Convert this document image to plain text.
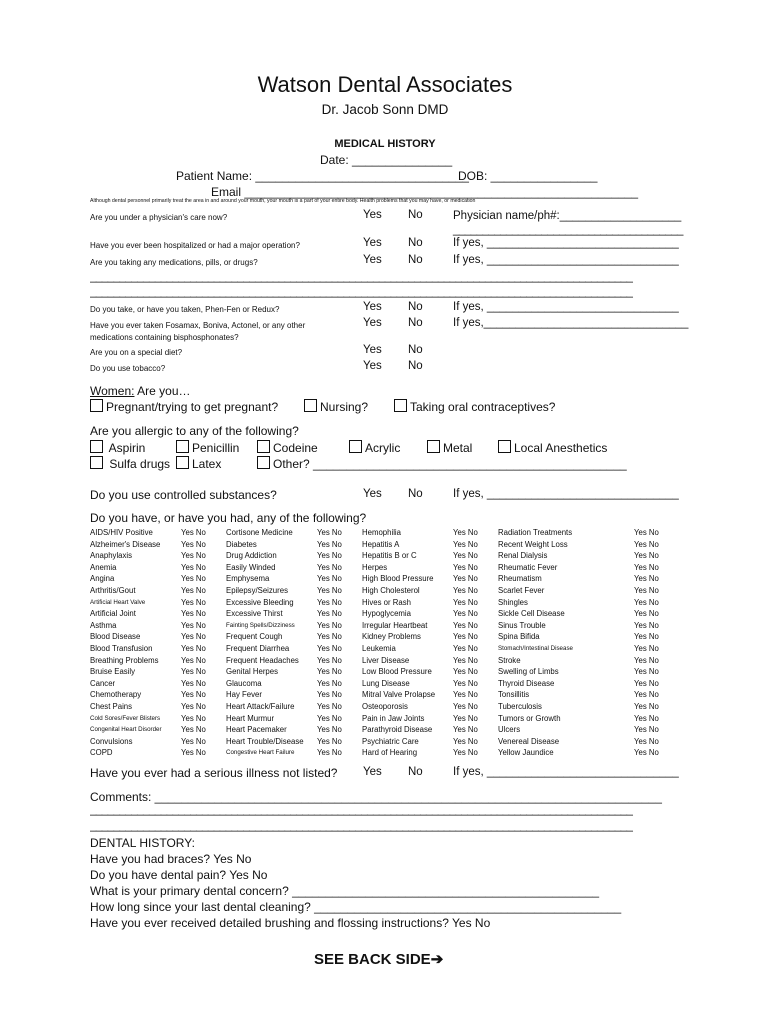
Watson Dental Associates
Dr. Jacob Sonn DMD
MEDICAL HISTORY
Date: _______________
Patient Name: ________________________________
DOB: ________________
Email ___________________________________________________________
Although dental personnel primarily treat the area in and around your mouth, your mouth is a part of your entire body. Health problems that you may have, or medication
Are you under a physician's care now?	Yes No	Physician name/ph#:___________________
_______________________________________
Have you ever been hospitalized or had a major operation?	Yes No	If yes, ______________________________
Are you taking any medications, pills, or drugs?	Yes No	If yes, ______________________________
____________________________________________________________________________________________
____________________________________________________________________________________________
Do you take, or have you taken, Phen-Fen or Redux?	Yes No	If yes, ______________________________
Have you ever taken Fosamax, Boniva, Actonel, or any other
medications containing bisphosphonates?
Yes No	If yes,________________________________
Are you on a special diet?	Yes No
Do you use tobacco?	Yes No
Women: Are you…
Pregnant/trying to get pregnant?	Nursing?	Taking oral contraceptives?
Are you allergic to any of the following?
Aspirin	Penicillin	Codeine	Acrylic	Metal	Local Anesthetics
Sulfa drugs	Latex	Other? _______________________________________________
Do you use controlled substances?	Yes No	If yes, ______________________________
Do you have, or have you had, any of the following?
AIDS/HIV Positive	Yes No
Alzheimer's Disease	Yes No
Anaphylaxis	Yes No
Anemia	Yes No
Angina	Yes No
Arthritis/Gout	Yes No
Artificial Heart Valve	Yes No
Artificial Joint	Yes No
Asthma	Yes No
Blood Disease	Yes No
Blood Transfusion	Yes No
Breathing Problems	Yes No
Bruise Easily	Yes No
Cancer	Yes No
Chemotherapy	Yes No
Chest Pains	Yes No
Cold Sores/Fever Blisters	Yes No
Congenital Heart Disorder Yes No
Convulsions	Yes No
COPD	Yes No
Cortisone Medicine	Yes No
Diabetes	Yes No
Drug Addiction	Yes No
Easily Winded	Yes No
Emphysema	Yes No
Epilepsy/Seizures	Yes No
Excessive Bleeding	Yes No
Excessive Thirst	Yes No
Fainting Spells/Dizziness	Yes No
Frequent Cough	Yes No
Frequent Diarrhea	Yes No
Frequent Headaches Yes No
Genital Herpes	Yes No
Glaucoma	Yes No
Hay Fever	Yes No
Heart Attack/Failure	Yes No
Heart Murmur	Yes No
Heart Pacemaker	Yes No
Heart Trouble/Disease Yes No
Congestive Heart Failure	Yes No
Hemophilia	Yes No
Hepatitis A	Yes No
Hepatitis B or C	Yes No
Herpes	Yes No
High Blood Pressure Yes No
High Cholesterol	Yes No
Hives or Rash	Yes No
Hypoglycemia	Yes No
Irregular Heartbeat	Yes No
Kidney Problems	Yes No
Leukemia	Yes No
Liver Disease	Yes No
Low Blood Pressure	Yes No
Lung Disease	Yes No
Mitral Valve Prolapse Yes No
Osteoporosis	Yes No
Pain in Jaw Joints	Yes No
Parathyroid Disease	Yes No
Psychiatric Care	Yes No
Hard of Hearing	Yes No
Radiation Treatments	Yes No
Recent Weight Loss	Yes No
Renal Dialysis	Yes No
Rheumatic Fever	Yes No
Rheumatism	Yes No
Scarlet Fever	Yes No
Shingles	Yes No
Sickle Cell Disease	Yes No
Sinus Trouble	Yes No
Spina Bifida	Yes No
Stomach/Intestinal Disease	Yes No
Stroke	Yes No
Swelling of Limbs	Yes No
Thyroid Disease	Yes No
Tonsillitis	Yes No
Tuberculosis	Yes No
Tumors or Growth	Yes No
Ulcers	Yes No
Venereal Disease	Yes No
Yellow Jaundice	Yes No
Have you ever had a serious illness not listed? Yes No	If yes, ______________________________
Comments: ____________________________________________________________________________
____________________________________________________________________________________________
____________________________________________________________________________________________
DENTAL HISTORY:
Have you had braces? Yes No
Do you have dental pain? Yes No
What is your primary dental concern? ______________________________________________
How long since your last dental cleaning? ______________________________________________
Have you ever received detailed brushing and flossing instructions? Yes No
SEE BACK SIDE➔
